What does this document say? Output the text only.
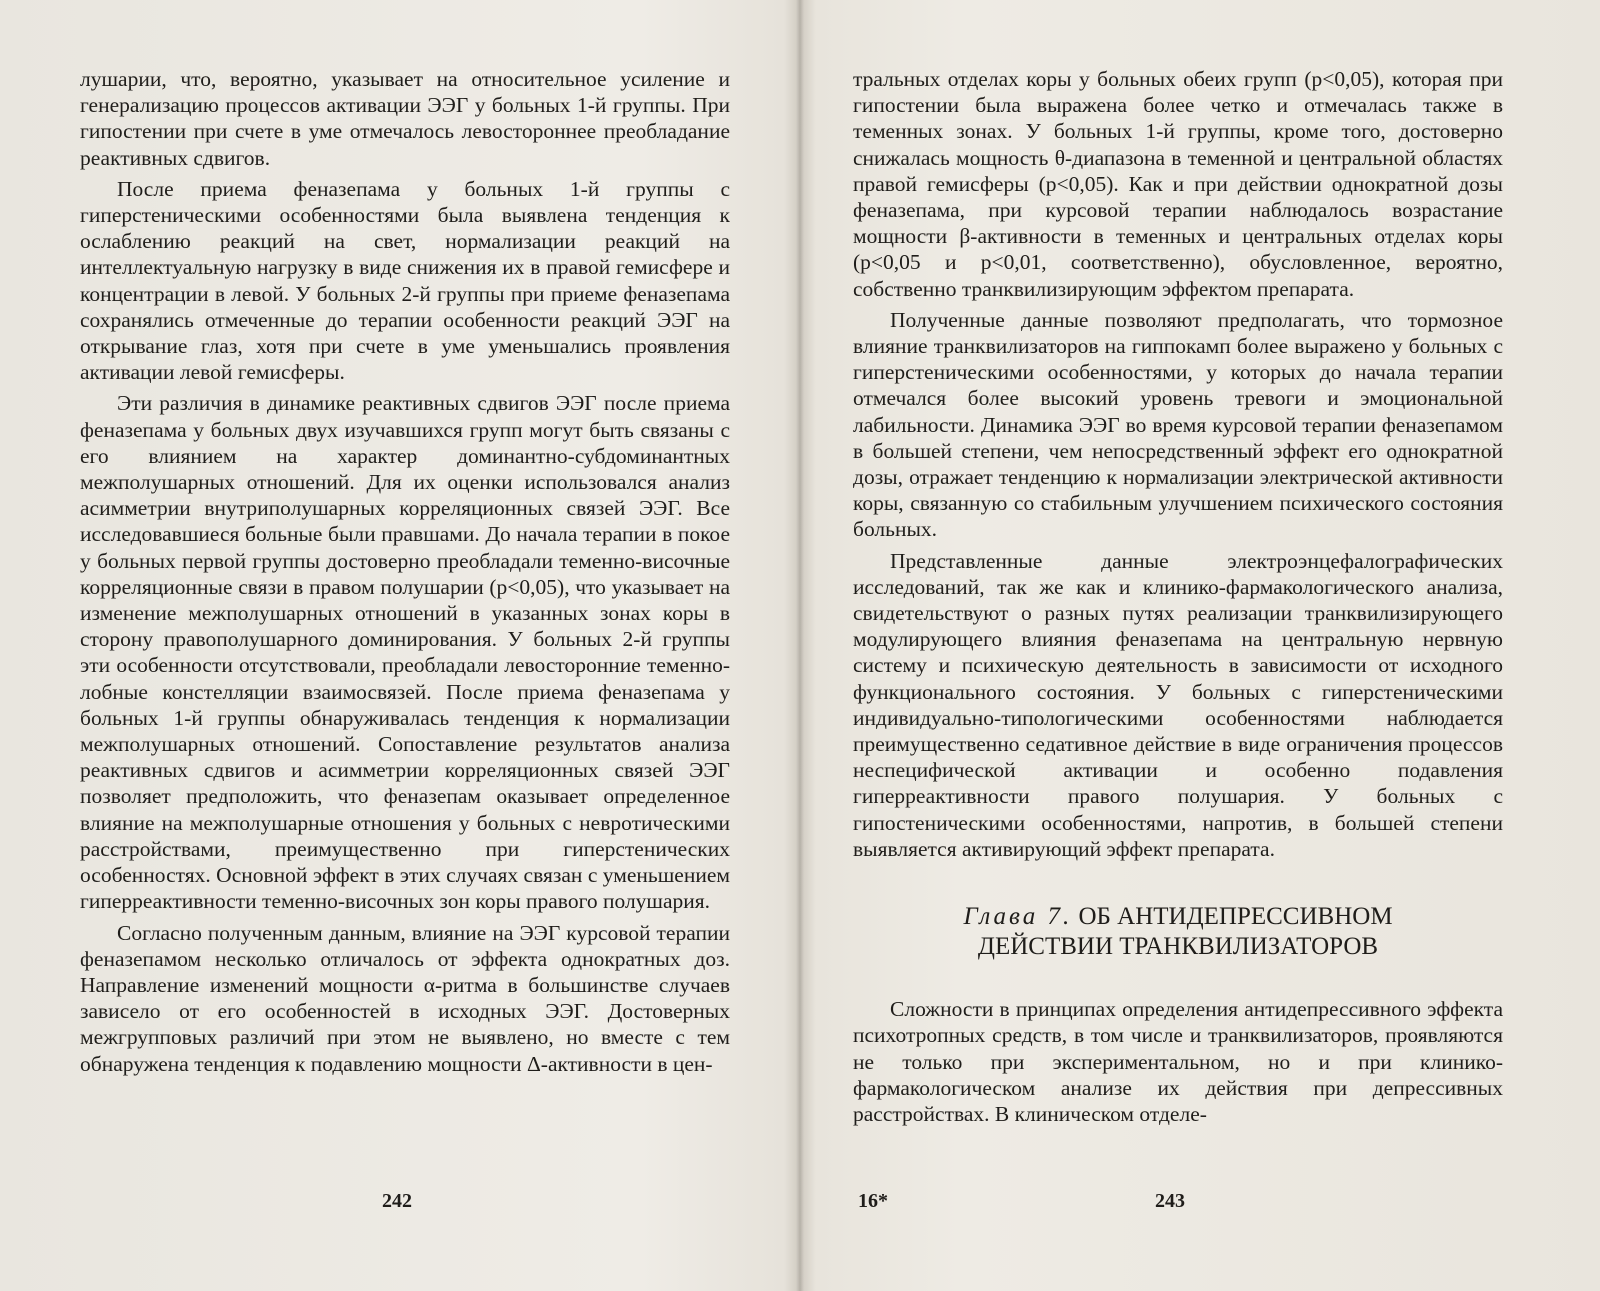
лушарии, что, вероятно, указывает на относительное усиление и генерализацию процессов активации ЭЭГ у больных 1-й группы. При гипостении при счете в уме отмечалось левостороннее преобладание реактивных сдвигов.

После приема феназепама у больных 1-й группы с гиперстеническими особенностями была выявлена тенденция к ослаблению реакций на свет, нормализации реакций на интеллектуальную нагрузку в виде снижения их в правой гемисфере и концентрации в левой. У больных 2-й группы при приеме феназепама сохранялись отмеченные до терапии особенности реакций ЭЭГ на открывание глаз, хотя при счете в уме уменьшались проявления активации левой гемисферы.

Эти различия в динамике реактивных сдвигов ЭЭГ после приема феназепама у больных двух изучавшихся групп могут быть связаны с его влиянием на характер доминантно-субдоминантных межполушарных отношений. Для их оценки использовался анализ асимметрии внутриполушарных корреляционных связей ЭЭГ. Все исследовавшиеся больные были правшами. До начала терапии в покое у больных первой группы достоверно преобладали теменно-височные корреляционные связи в правом полушарии (p<0,05), что указывает на изменение межполушарных отношений в указанных зонах коры в сторону правополушарного доминирования. У больных 2-й группы эти особенности отсутствовали, преобладали левосторонние теменно-лобные констелляции взаимосвязей. После приема феназепама у больных 1-й группы обнаруживалась тенденция к нормализации межполушарных отношений. Сопоставление результатов анализа реактивных сдвигов и асимметрии корреляционных связей ЭЭГ позволяет предположить, что феназепам оказывает определенное влияние на межполушарные отношения у больных с невротическими расстройствами, преимущественно при гиперстенических особенностях. Основной эффект в этих случаях связан с уменьшением гиперреактивности теменно-височных зон коры правого полушария.

Согласно полученным данным, влияние на ЭЭГ курсовой терапии феназепамом несколько отличалось от эффекта однократных доз. Направление изменений мощности α-ритма в большинстве случаев зависело от его особенностей в исходных ЭЭГ. Достоверных межгрупповых различий при этом не выявлено, но вместе с тем обнаружена тенденция к подавлению мощности Δ-активности в цен-

242

тральных отделах коры у больных обеих групп (p<0,05), которая при гипостении была выражена более четко и отмечалась также в теменных зонах. У больных 1-й группы, кроме того, достоверно снижалась мощность θ-диапазона в теменной и центральной областях правой гемисферы (p<0,05). Как и при действии однократной дозы феназепама, при курсовой терапии наблюдалось возрастание мощности β-активности в теменных и центральных отделах коры (p<0,05 и p<0,01, соответственно), обусловленное, вероятно, собственно транквилизирующим эффектом препарата.

Полученные данные позволяют предполагать, что тормозное влияние транквилизаторов на гиппокамп более выражено у больных с гиперстеническими особенностями, у которых до начала терапии отмечался более высокий уровень тревоги и эмоциональной лабильности. Динамика ЭЭГ во время курсовой терапии феназепамом в большей степени, чем непосредственный эффект его однократной дозы, отражает тенденцию к нормализации электрической активности коры, связанную со стабильным улучшением психического состояния больных.

Представленные данные электроэнцефалографических исследований, так же как и клинико-фармакологического анализа, свидетельствуют о разных путях реализации транквилизирующего модулирующего влияния феназепама на центральную нервную систему и психическую деятельность в зависимости от исходного функционального состояния. У больных с гиперстеническими индивидуально-типологическими особенностями наблюдается преимущественно седативное действие в виде ограничения процессов неспецифической активации и особенно подавления гиперреактивности правого полушария. У больных с гипостеническими особенностями, напротив, в большей степени выявляется активирующий эффект препарата.

Глава 7. ОБ АНТИДЕПРЕССИВНОМ
ДЕЙСТВИИ ТРАНКВИЛИЗАТОРОВ

Сложности в принципах определения антидепрессивного эффекта психотропных средств, в том числе и транквилизаторов, проявляются не только при экспериментальном, но и при клинико-фармакологическом анализе их действия при депрессивных расстройствах. В клиническом отделе-

16*	243
